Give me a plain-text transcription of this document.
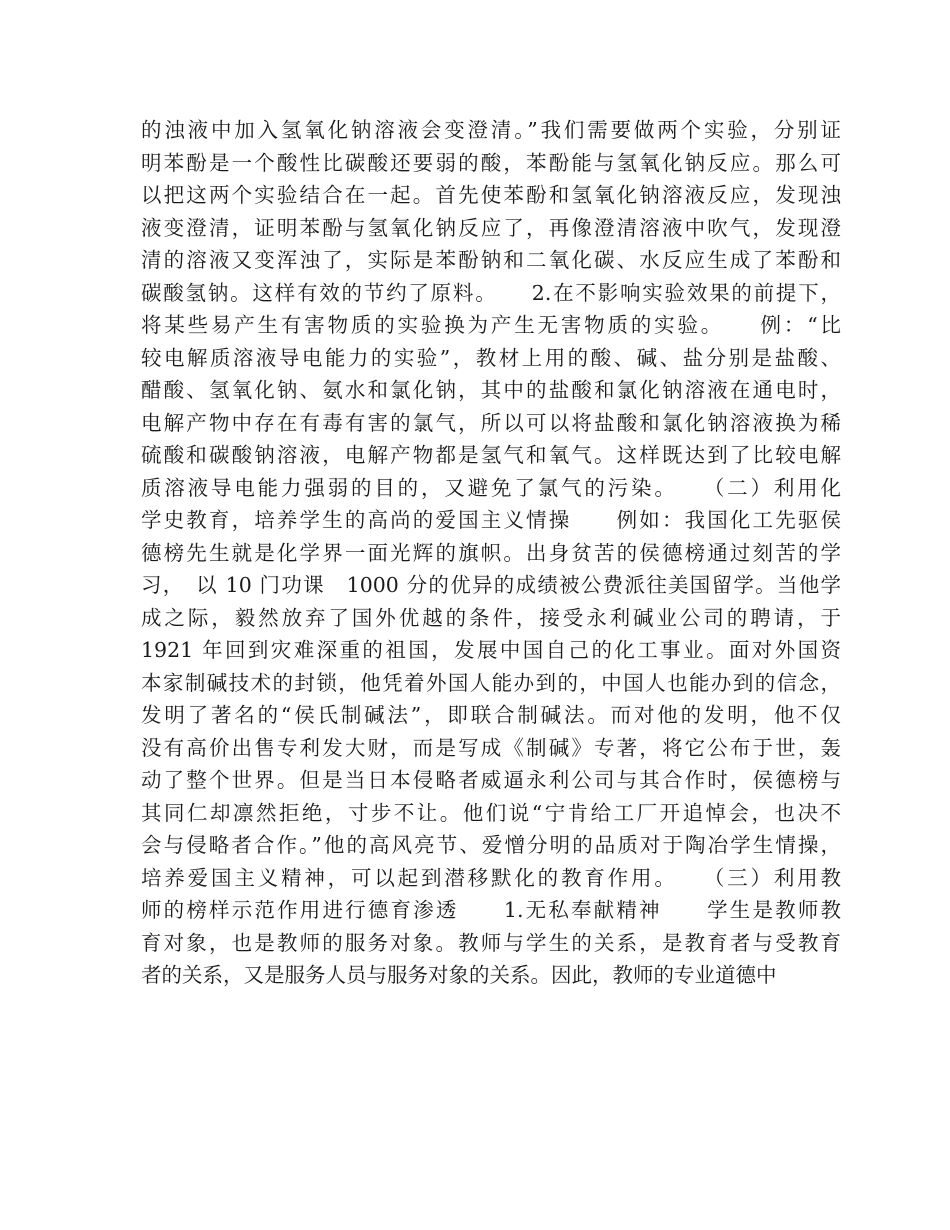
的浊液中加入氢氧化钠溶液会变澄清。”我们需要做两个实验，分别证
明苯酚是一个酸性比碳酸还要弱的酸，苯酚能与氢氧化钠反应。那么可
以把这两个实验结合在一起。首先使苯酚和氢氧化钠溶液反应，发现浊
液变澄清，证明苯酚与氢氧化钠反应了，再像澄清溶液中吹气，发现澄
清的溶液又变浑浊了，实际是苯酚钠和二氧化碳、水反应生成了苯酚和
碳酸氢钠。这样有效的节约了原料。　　2.在不影响实验效果的前提下，
将某些易产生有害物质的实验换为产生无害物质的实验。　　例：“比
较电解质溶液导电能力的实验”，教材上用的酸、碱、盐分别是盐酸、
醋酸、氢氧化钠、氨水和氯化钠，其中的盐酸和氯化钠溶液在通电时，
电解产物中存在有毒有害的氯气，所以可以将盐酸和氯化钠溶液换为稀
硫酸和碳酸钠溶液，电解产物都是氢气和氧气。这样既达到了比较电解
质溶液导电能力强弱的目的，又避免了氯气的污染。　　（二）利用化
学史教育，培养学生的高尚的爱国主义情操　　例如：我国化工先驱侯
德榜先生就是化学界一面光辉的旗帜。出身贫苦的侯德榜通过刻苦的学
习，　以 10 门功课　1000 分的优异的成绩被公费派往美国留学。当他学
成之际，毅然放弃了国外优越的条件，接受永利碱业公司的聘请，于
1921 年回到灾难深重的祖国，发展中国自己的化工事业。面对外国资
本家制碱技术的封锁，他凭着外国人能办到的，中国人也能办到的信念，
发明了著名的“侯氏制碱法”，即联合制碱法。而对他的发明，他不仅
没有高价出售专利发大财，而是写成《制碱》专著，将它公布于世，轰
动了整个世界。但是当日本侵略者威逼永利公司与其合作时，侯德榜与
其同仁却凛然拒绝，寸步不让。他们说“宁肯给工厂开追悼会，也决不
会与侵略者合作。”他的高风亮节、爱憎分明的品质对于陶冶学生情操，
培养爱国主义精神，可以起到潜移默化的教育作用。　　（三）利用教
师的榜样示范作用进行德育渗透　　1.无私奉献精神　　学生是教师教
育对象，也是教师的服务对象。教师与学生的关系，是教育者与受教育
者的关系，又是服务人员与服务对象的关系。因此，教师的专业道德中
